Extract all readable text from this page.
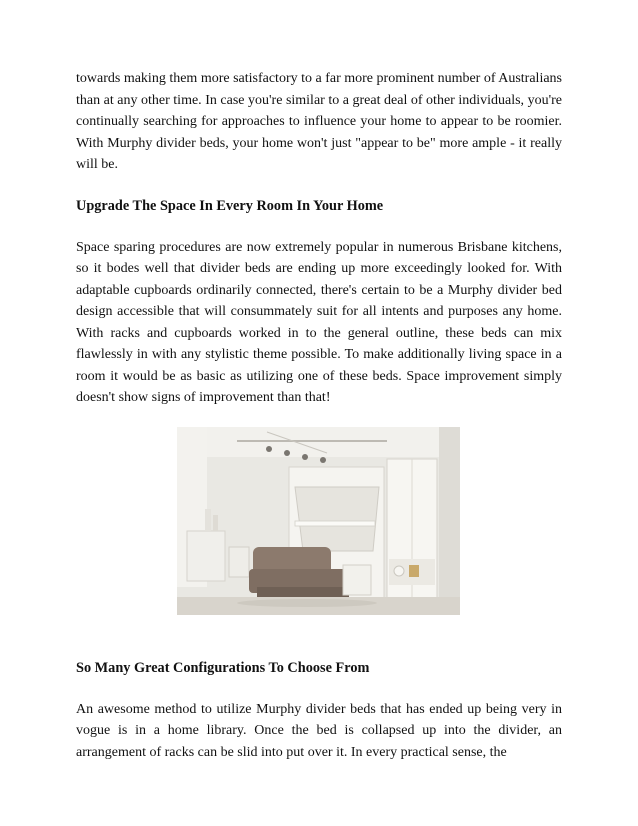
towards making them more satisfactory to a far more prominent number of Australians than at any other time. In case you're similar to a great deal of other individuals, you're continually searching for approaches to influence your home to appear to be roomier. With Murphy divider beds, your home won't just "appear to be" more ample - it really will be.

Upgrade The Space In Every Room In Your Home

Space sparing procedures are now extremely popular in numerous Brisbane kitchens, so it bodes well that divider beds are ending up more exceedingly looked for. With adaptable cupboards ordinarily connected, there's certain to be a Murphy divider bed design accessible that will consummately suit for all intents and purposes any home. With racks and cupboards worked in to the general outline, these beds can mix flawlessly in with any stylistic theme possible. To make additionally living space in a room it would be as basic as utilizing one of these beds. Space improvement simply doesn't show signs of improvement than that!

So Many Great Configurations To Choose From

An awesome method to utilize Murphy divider beds that has ended up being very in vogue is in a home library. Once the bed is collapsed up into the divider, an arrangement of racks can be slid into put over it. In every practical sense, the
